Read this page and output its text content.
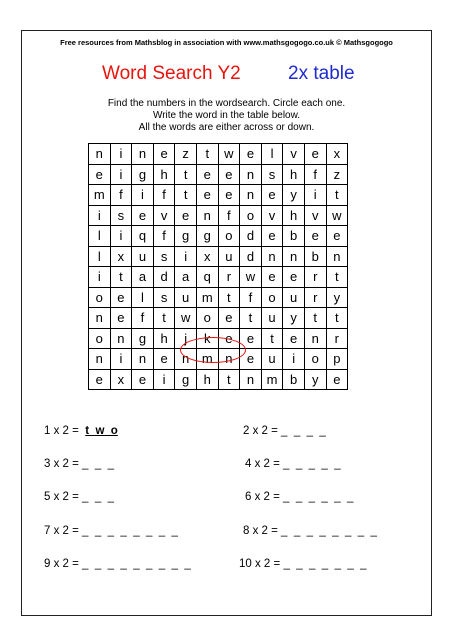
Free resources from Mathsblog in association with www.mathsgogogo.co.uk © Mathsgogogo
Word Search Y2 2x table
Find the numbers in the wordsearch. Circle each one.
Write the word in the table below.
All the words are either across or down.
n	i	n	e	z	t	w	e	l	v	e	x
e	i	g	h	t	e	e	n	s	h	f	z
m	f	i	f	t	e	e	n	e	y	i	t
i	s	e	v	e	n	f	o	v	h	v	w
l	i	q	f	g	g	o	d	e	b	e	e
l	x	u	s	i	x	u	d	n	n	b	n
i	t	a	d	a	q	r	w	e	e	r	t
o	e	l	s	u	m	t	f	o	u	r	y
n	e	f	t	w	o	e	t	u	y	t	t
o	n	g	h	j	k	e	e	t	e	n	r
n	i	n	e	n	m	n	e	u	i	o	p
e	x	e	i	g	h	t	n	m	b	y	e
1 x 2 = t  w  o	2 x 2 = _  _  _  _
3 x 2 = _  _  _	4 x 2 = _  _  _  _  _
5 x 2 = _  _  _	6 x 2 = _  _  _  _  _  _
7 x 2 = _  _  _  _  _  _  _  _	8 x 2 = _  _  _  _  _  _  _  _
9 x 2 = _  _  _  _  _  _  _  _  _	10 x 2 = _  _  _  _  _  _  _
